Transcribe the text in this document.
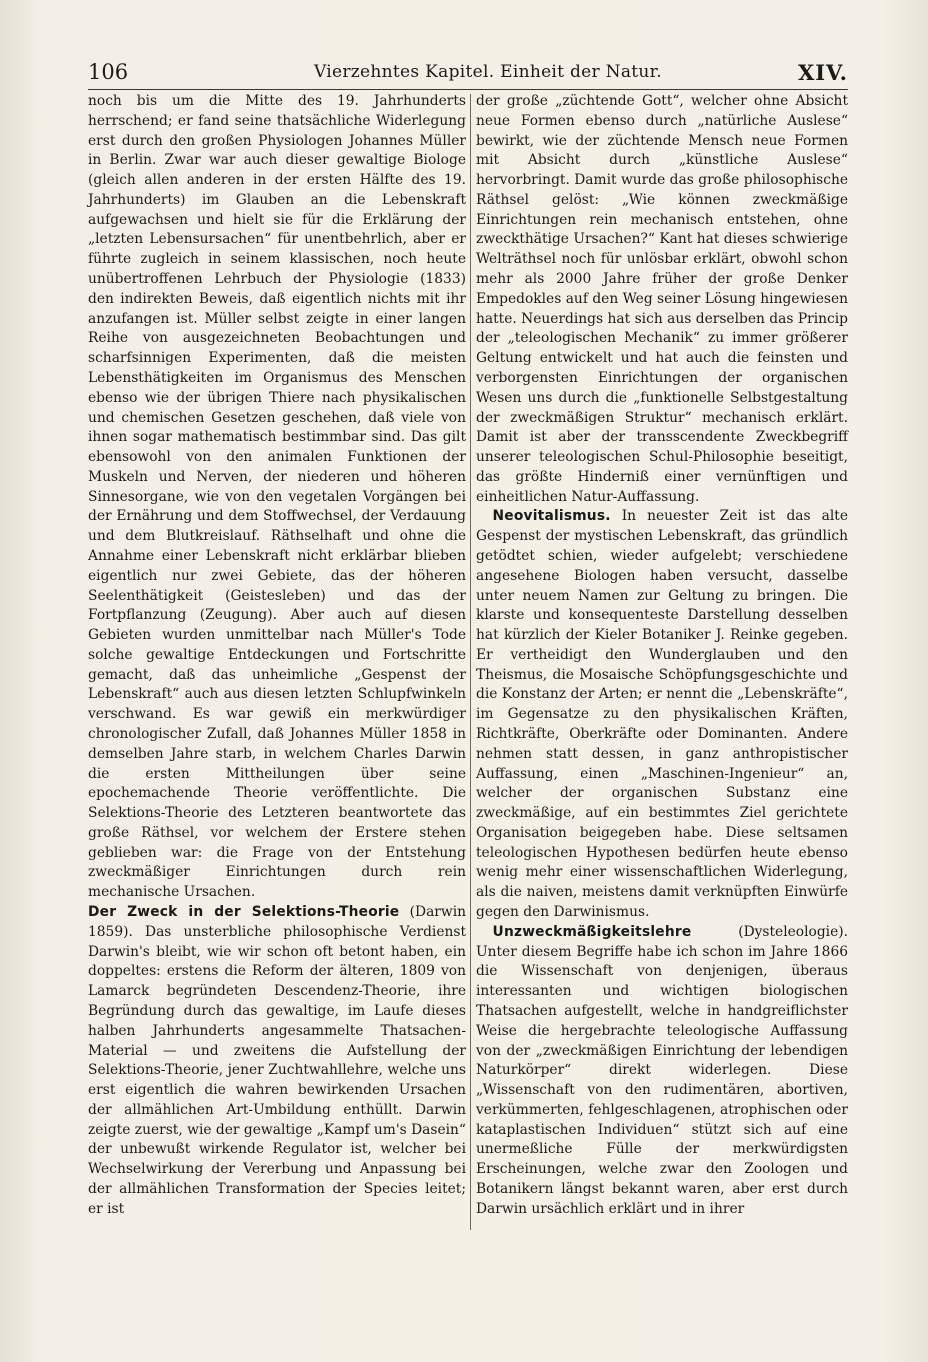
106	Vierzehntes Kapitel. Einheit der Natur.	XIV.

noch bis um die Mitte des 19. Jahrhunderts herrschend; er fand seine thatsächliche Widerlegung erst durch den großen Physiologen Johannes Müller in Berlin. Zwar war auch dieser gewaltige Biologe (gleich allen anderen in der ersten Hälfte des 19. Jahrhunderts) im Glauben an die Lebenskraft aufgewachsen und hielt sie für die Erklärung der „letzten Lebensursachen“ für unentbehrlich, aber er führte zugleich in seinem klassischen, noch heute unübertroffenen Lehrbuch der Physiologie (1833) den indirekten Beweis, daß eigentlich nichts mit ihr anzufangen ist. Müller selbst zeigte in einer langen Reihe von ausgezeichneten Beobachtungen und scharfsinnigen Experimenten, daß die meisten Lebensthätigkeiten im Organismus des Menschen ebenso wie der übrigen Thiere nach physikalischen und chemischen Gesetzen geschehen, daß viele von ihnen sogar mathematisch bestimmbar sind. Das gilt ebensowohl von den animalen Funktionen der Muskeln und Nerven, der niederen und höheren Sinnesorgane, wie von den vegetalen Vorgängen bei der Ernährung und dem Stoffwechsel, der Verdauung und dem Blutkreislauf. Räthselhaft und ohne die Annahme einer Lebenskraft nicht erklärbar blieben eigentlich nur zwei Gebiete, das der höheren Seelenthätigkeit (Geistesleben) und das der Fortpflanzung (Zeugung). Aber auch auf diesen Gebieten wurden unmittelbar nach Müller's Tode solche gewaltige Entdeckungen und Fortschritte gemacht, daß das unheimliche „Gespenst der Lebenskraft“ auch aus diesen letzten Schlupfwinkeln verschwand. Es war gewiß ein merkwürdiger chronologischer Zufall, daß Johannes Müller 1858 in demselben Jahre starb, in welchem Charles Darwin die ersten Mittheilungen über seine epochemachende Theorie veröffentlichte. Die Selektions-Theorie des Letzteren beantwortete das große Räthsel, vor welchem der Erstere stehen geblieben war: die Frage von der Entstehung zweckmäßiger Einrichtungen durch rein mechanische Ursachen.

Der Zweck in der Selektions-Theorie (Darwin 1859). Das unsterbliche philosophische Verdienst Darwin's bleibt, wie wir schon oft betont haben, ein doppeltes: erstens die Reform der älteren, 1809 von Lamarck begründeten Descendenz-Theorie, ihre Begründung durch das gewaltige, im Laufe dieses halben Jahrhunderts angesammelte Thatsachen-Material — und zweitens die Aufstellung der Selektions-Theorie, jener Zuchtwahllehre, welche uns erst eigentlich die wahren bewirkenden Ursachen der allmählichen Art-Umbildung enthüllt. Darwin zeigte zuerst, wie der gewaltige „Kampf um's Dasein“ der unbewußt wirkende Regulator ist, welcher bei Wechselwirkung der Vererbung und Anpassung bei der allmählichen Transformation der Species leitet; er ist

der große „züchtende Gott“, welcher ohne Absicht neue Formen ebenso durch „natürliche Auslese“ bewirkt, wie der züchtende Mensch neue Formen mit Absicht durch „künstliche Auslese“ hervorbringt. Damit wurde das große philosophische Räthsel gelöst: „Wie können zweckmäßige Einrichtungen rein mechanisch entstehen, ohne zweckthätige Ursachen?“ Kant hat dieses schwierige Welträthsel noch für unlösbar erklärt, obwohl schon mehr als 2000 Jahre früher der große Denker Empedokles auf den Weg seiner Lösung hingewiesen hatte. Neuerdings hat sich aus derselben das Princip der „teleologischen Mechanik“ zu immer größerer Geltung entwickelt und hat auch die feinsten und verborgensten Einrichtungen der organischen Wesen uns durch die „funktionelle Selbstgestaltung der zweckmäßigen Struktur“ mechanisch erklärt. Damit ist aber der transscendente Zweckbegriff unserer teleologischen Schul-Philosophie beseitigt, das größte Hinderniß einer vernünftigen und einheitlichen Natur-Auffassung.

Neovitalismus. In neuester Zeit ist das alte Gespenst der mystischen Lebenskraft, das gründlich getödtet schien, wieder aufgelebt; verschiedene angesehene Biologen haben versucht, dasselbe unter neuem Namen zur Geltung zu bringen. Die klarste und konsequenteste Darstellung desselben hat kürzlich der Kieler Botaniker J. Reinke gegeben. Er vertheidigt den Wunderglauben und den Theismus, die Mosaische Schöpfungsgeschichte und die Konstanz der Arten; er nennt die „Lebenskräfte“, im Gegensatze zu den physikalischen Kräften, Richtkräfte, Oberkräfte oder Dominanten. Andere nehmen statt dessen, in ganz anthropistischer Auffassung, einen „Maschinen-Ingenieur“ an, welcher der organischen Substanz eine zweckmäßige, auf ein bestimmtes Ziel gerichtete Organisation beigegeben habe. Diese seltsamen teleologischen Hypothesen bedürfen heute ebenso wenig mehr einer wissenschaftlichen Widerlegung, als die naiven, meistens damit verknüpften Einwürfe gegen den Darwinismus.

Unzweckmäßigkeitslehre	(Dysteleologie). Unter diesem Begriffe habe ich schon im Jahre 1866 die Wissenschaft von denjenigen, überaus interessanten und wichtigen biologischen Thatsachen aufgestellt, welche in handgreiflichster Weise die hergebrachte teleologische Auffassung von der „zweckmäßigen Einrichtung der lebendigen Naturkörper“ direkt widerlegen. Diese „Wissenschaft von den rudimentären, abortiven, verkümmerten, fehlgeschlagenen, atrophischen oder kataplastischen Individuen“ stützt sich auf eine unermeßliche Fülle der merkwürdigsten Erscheinungen, welche zwar den Zoologen und Botanikern längst bekannt waren, aber erst durch Darwin ursächlich erklärt und in ihrer
